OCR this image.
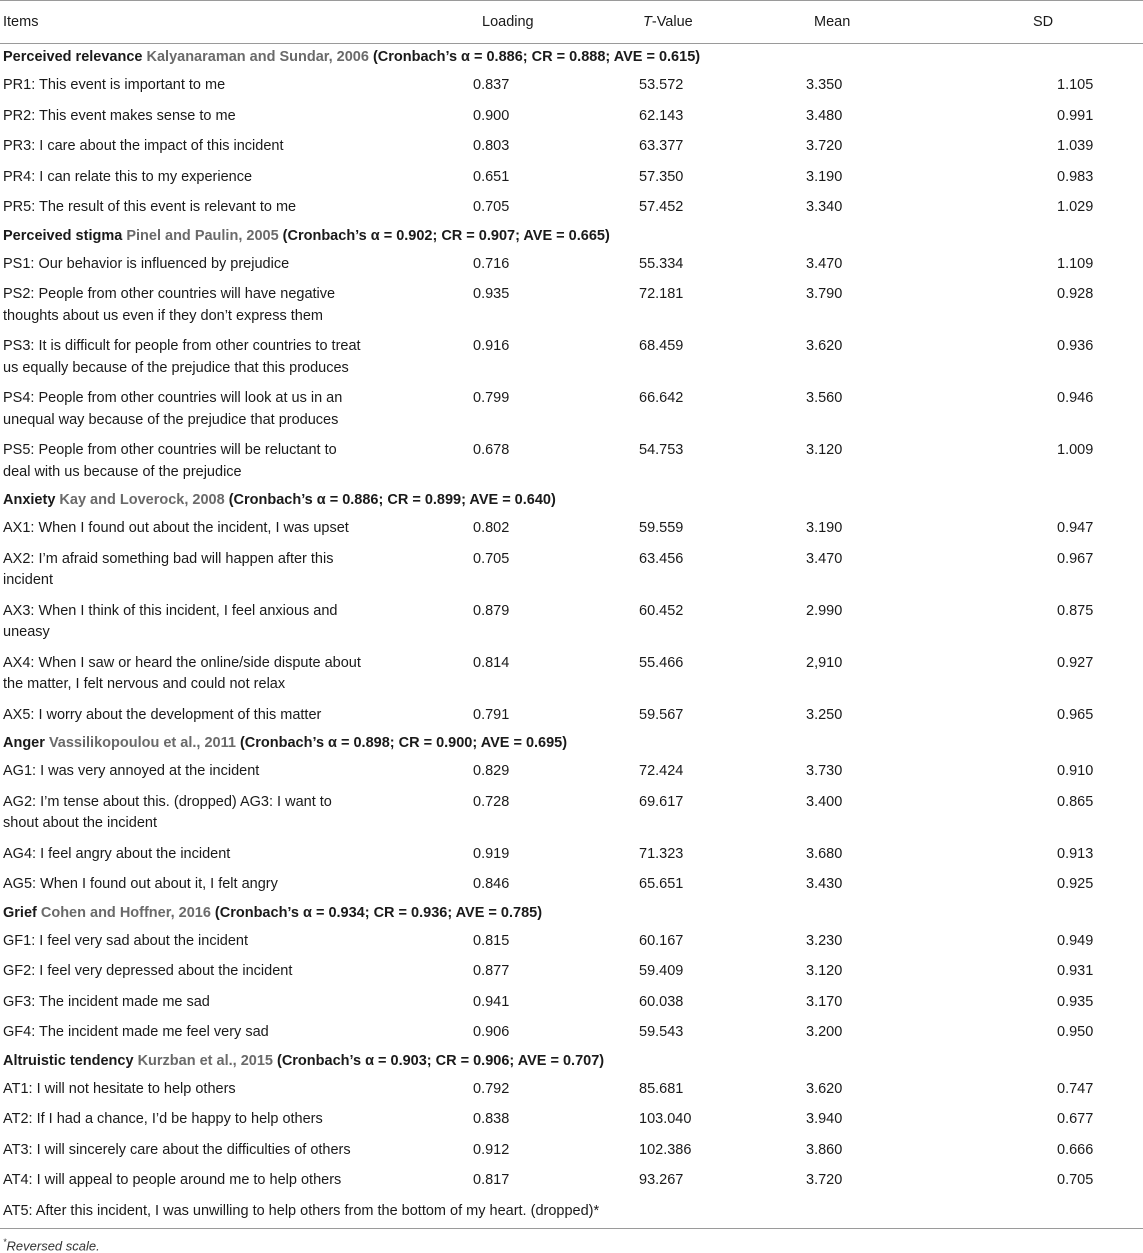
Items	Loading	T-Value	Mean	SD
Perceived relevance Kalyanaraman and Sundar, 2006 (Cronbach’s α = 0.886; CR = 0.888; AVE = 0.615)				
PR1: This event is important to me	0.837	53.572	3.350	1.105
PR2: This event makes sense to me	0.900	62.143	3.480	0.991
PR3: I care about the impact of this incident	0.803	63.377	3.720	1.039
PR4: I can relate this to my experience	0.651	57.350	3.190	0.983
PR5: The result of this event is relevant to me	0.705	57.452	3.340	1.029
Perceived stigma Pinel and Paulin, 2005 (Cronbach’s α = 0.902; CR = 0.907; AVE = 0.665)				
PS1: Our behavior is influenced by prejudice	0.716	55.334	3.470	1.109
PS2: People from other countries will have negative thoughts about us even if they don’t express them	0.935	72.181	3.790	0.928
PS3: It is difficult for people from other countries to treat us equally because of the prejudice that this produces	0.916	68.459	3.620	0.936
PS4: People from other countries will look at us in an unequal way because of the prejudice that produces	0.799	66.642	3.560	0.946
PS5: People from other countries will be reluctant to deal with us because of the prejudice	0.678	54.753	3.120	1.009
Anxiety Kay and Loverock, 2008 (Cronbach’s α = 0.886; CR = 0.899; AVE = 0.640)				
AX1: When I found out about the incident, I was upset	0.802	59.559	3.190	0.947
AX2: I’m afraid something bad will happen after this incident	0.705	63.456	3.470	0.967
AX3: When I think of this incident, I feel anxious and uneasy	0.879	60.452	2.990	0.875
AX4: When I saw or heard the online/side dispute about the matter, I felt nervous and could not relax	0.814	55.466	2,910	0.927
AX5: I worry about the development of this matter	0.791	59.567	3.250	0.965
Anger Vassilikopoulou et al., 2011 (Cronbach’s α = 0.898; CR = 0.900; AVE = 0.695)				
AG1: I was very annoyed at the incident	0.829	72.424	3.730	0.910
AG2: I’m tense about this. (dropped) AG3: I want to shout about the incident	0.728	69.617	3.400	0.865
AG4: I feel angry about the incident	0.919	71.323	3.680	0.913
AG5: When I found out about it, I felt angry	0.846	65.651	3.430	0.925
Grief Cohen and Hoffner, 2016 (Cronbach’s α = 0.934; CR = 0.936; AVE = 0.785)				
GF1: I feel very sad about the incident	0.815	60.167	3.230	0.949
GF2: I feel very depressed about the incident	0.877	59.409	3.120	0.931
GF3: The incident made me sad	0.941	60.038	3.170	0.935
GF4: The incident made me feel very sad	0.906	59.543	3.200	0.950
Altruistic tendency Kurzban et al., 2015 (Cronbach’s α = 0.903; CR = 0.906; AVE = 0.707)				
AT1: I will not hesitate to help others	0.792	85.681	3.620	0.747
AT2: If I had a chance, I’d be happy to help others	0.838	103.040	3.940	0.677
AT3: I will sincerely care about the difficulties of others	0.912	102.386	3.860	0.666
AT4: I will appeal to people around me to help others	0.817	93.267	3.720	0.705
AT5: After this incident, I was unwilling to help others from the bottom of my heart. (dropped)*				
*Reversed scale.
